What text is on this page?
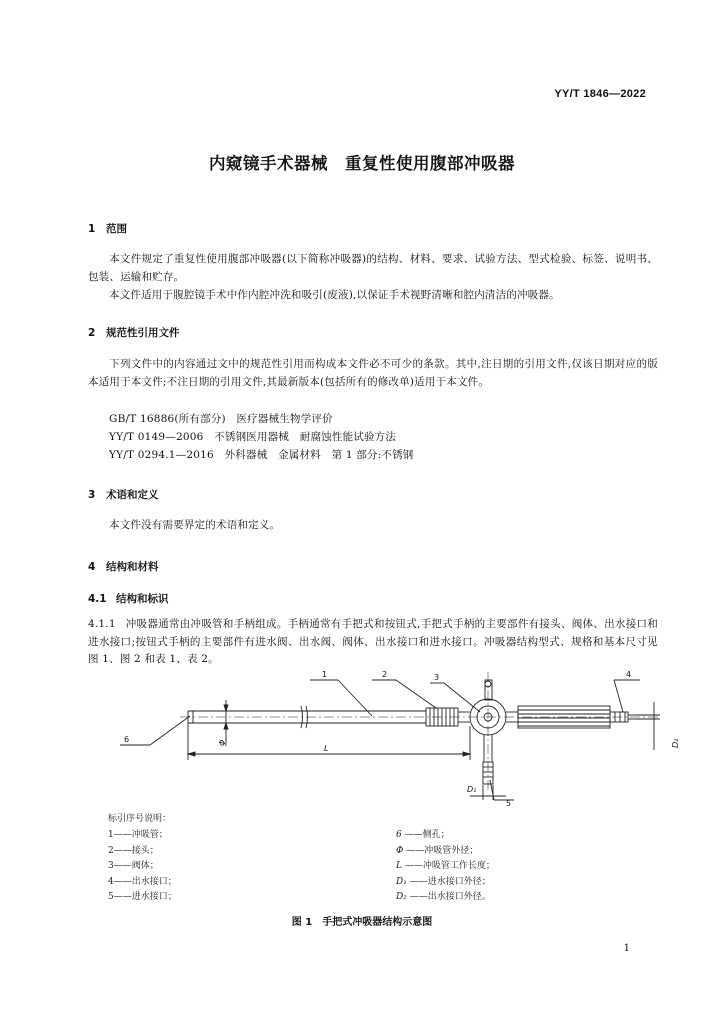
YY/T 1846—2022
内窥镜手术器械　重复性使用腹部冲吸器
1 范围
本文件规定了重复性使用腹部冲吸器(以下简称冲吸器)的结构、材料、要求、试验方法、型式检验、标签、说明书、包装、运输和贮存。
本文件适用于腹腔镜手术中作内腔冲洗和吸引(废液),以保证手术视野清晰和腔内清洁的冲吸器。
2 规范性引用文件
下列文件中的内容通过文中的规范性引用而构成本文件必不可少的条款。其中,注日期的引用文件,仅该日期对应的版本适用于本文件;不注日期的引用文件,其最新版本(包括所有的修改单)适用于本文件。
GB/T 16886(所有部分)　医疗器械生物学评价
YY/T 0149—2006　不锈钢医用器械　耐腐蚀性能试验方法
YY/T 0294.1—2016　外科器械　金属材料　第 1 部分:不锈钢
3 术语和定义
本文件没有需要界定的术语和定义。
4 结构和材料
4.1 结构和标识
4.1.1 冲吸器通常由冲吸管和手柄组成。手柄通常有手把式和按钮式,手把式手柄的主要部件有接头、阀体、出水接口和进水接口;按钮式手柄的主要部件有进水阀、出水阀、阀体、出水接口和进水接口。冲吸器结构型式、规格和基本尺寸见图 1、图 2 和表 1、表 2。
6
1	2	3	4
5
L
Φ
D₁
D₂
标引序号说明：
1——冲吸管；
2——接头；
3——阀体；
4——出水接口；
5——进水接口；
6 ——侧孔；
Φ ——冲吸管外径；
L ——冲吸管工作长度；
D₁ ——进水接口外径；
D₂ ——出水接口外径。
图 1　手把式冲吸器结构示意图
1
